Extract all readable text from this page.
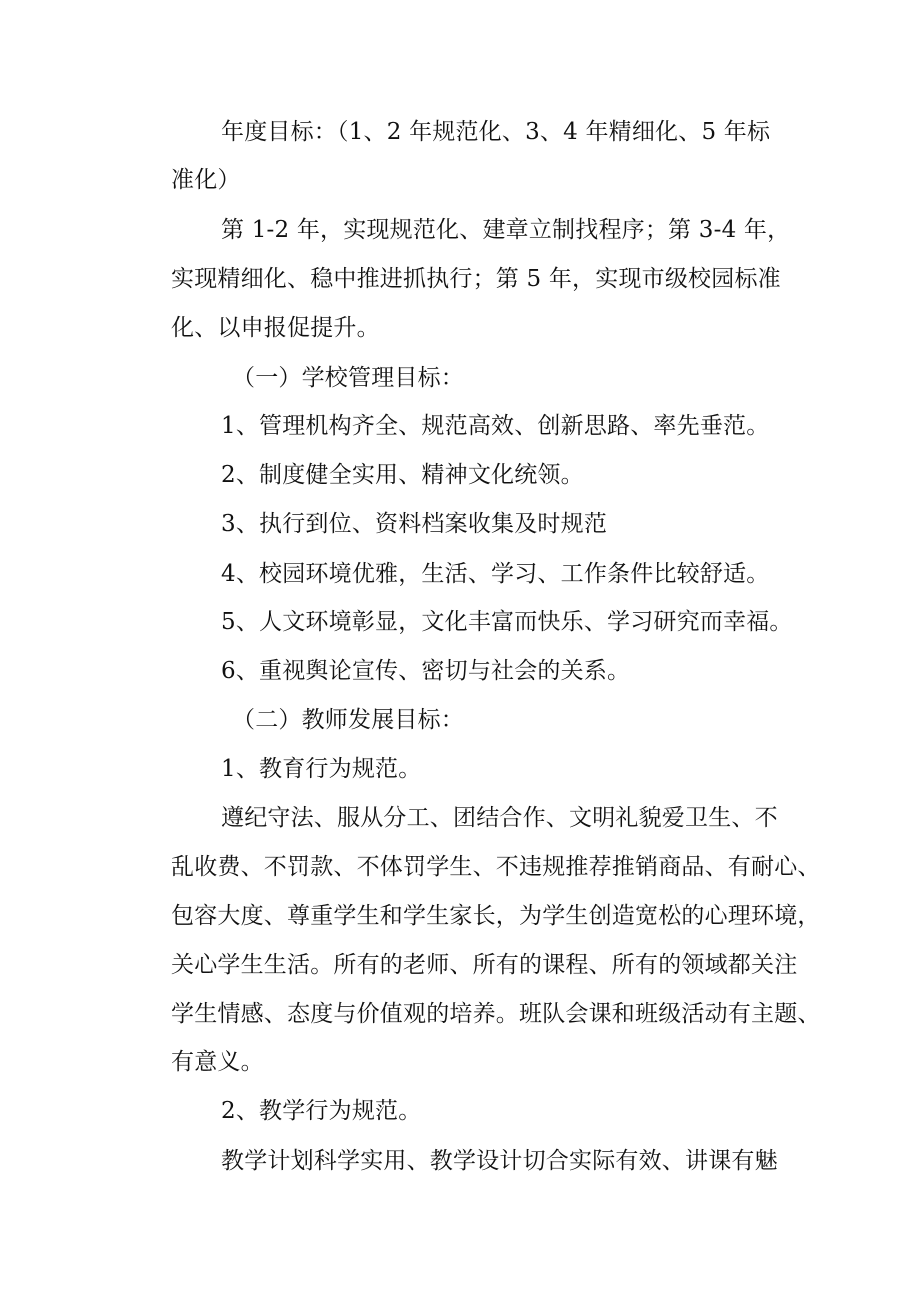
年度目标：（1、2 年规范化、3、4 年精细化、5 年标
准化）
第 1-2 年，实现规范化、建章立制找程序；第 3-4 年，
实现精细化、稳中推进抓执行；第 5 年，实现市级校园标准
化、以申报促提升。
（一）学校管理目标：
1、管理机构齐全、规范高效、创新思路、率先垂范。
2、制度健全实用、精神文化统领。
3、执行到位、资料档案收集及时规范
4、校园环境优雅，生活、学习、工作条件比较舒适。
5、人文环境彰显，文化丰富而快乐、学习研究而幸福。
6、重视舆论宣传、密切与社会的关系。
（二）教师发展目标：
1、教育行为规范。
遵纪守法、服从分工、团结合作、文明礼貌爱卫生、不
乱收费、不罚款、不体罚学生、不违规推荐推销商品、有耐心、
包容大度、尊重学生和学生家长，为学生创造宽松的心理环境，
关心学生生活。所有的老师、所有的课程、所有的领域都关注
学生情感、态度与价值观的培养。班队会课和班级活动有主题、
有意义。
2、教学行为规范。
教学计划科学实用、教学设计切合实际有效、讲课有魅
